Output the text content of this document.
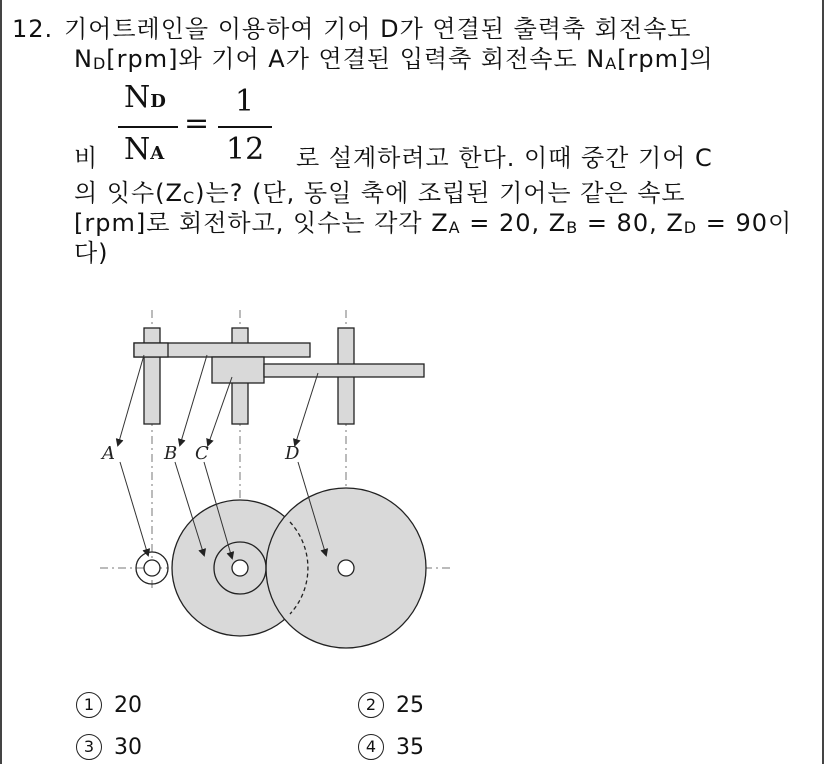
12. 기어트레인을 이용하여 기어 D가 연결된 출력축 회전속도
ND[rpm]와 기어 A가 연결된 입력축 회전속도 NA[rpm]의
비
ND
NA
=
1
12 로 설계하려고 한다. 이때 중간 기어 C
의 잇수(ZC)는? (단, 동일 축에 조립된 기어는 같은 속도
[rpm]로 회전하고, 잇수는 각각 ZA = 20, ZB = 80, ZD = 90이
다)
A	B C	D
1 20	2 25
3 30	4 35
